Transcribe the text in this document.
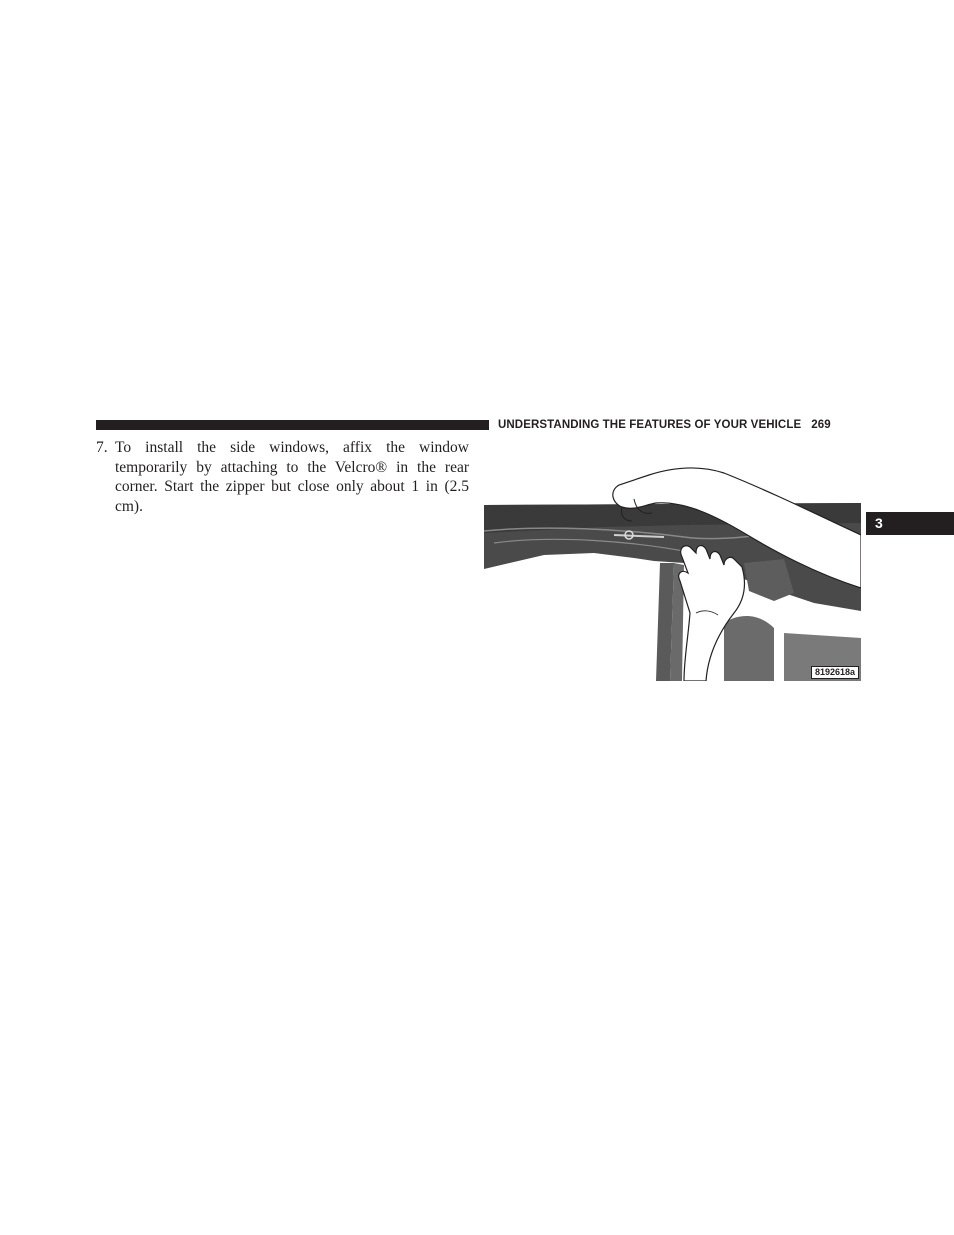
UNDERSTANDING THE FEATURES OF YOUR VEHICLE 269
3
7. To install the side windows, affix the window temporarily by attaching to the Velcro® in the rear corner. Start the zipper but close only about 1 in (2.5 cm).
8192618a
